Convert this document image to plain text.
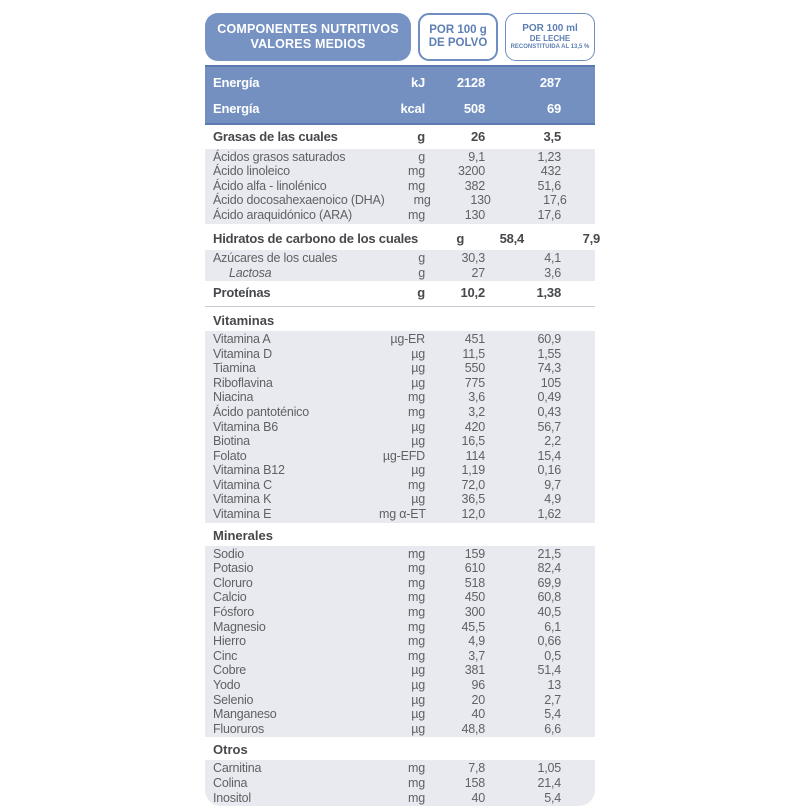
COMPONENTES NUTRITIVOS
VALORES MEDIOS
POR 100 g
DE POLVO
POR 100 ml
DE LECHE
RECONSTITUIDA AL 13,5 %
Energía	kJ	2128	287
Energía	kcal	508	69
Grasas de las cuales	g	26	3,5
Ácidos grasos saturados	g	9,1	1,23
Ácido linoleico	mg	3200	432
Ácido alfa - linolénico	mg	382	51,6
Ácido docosahexaenoico (DHA)	mg	130	17,6
Ácido araquidónico (ARA)	mg	130	17,6
Hidratos de carbono de los cuales	g	58,4	7,9
Azúcares de los cuales	g	30,3	4,1
Lactosa	g	27	3,6
Proteínas	g	10,2	1,38
Vitaminas
Vitamina A	µg-ER	451	60,9
Vitamina D	µg	11,5	1,55
Tiamina	µg	550	74,3
Riboflavina	µg	775	105
Niacina	mg	3,6	0,49
Ácido pantoténico	mg	3,2	0,43
Vitamina B6	µg	420	56,7
Biotina	µg	16,5	2,2
Folato	µg-EFD	114	15,4
Vitamina B12	µg	1,19	0,16
Vitamina C	mg	72,0	9,7
Vitamina K	µg	36,5	4,9
Vitamina E	mg α-ET	12,0	1,62
Minerales
Sodio	mg	159	21,5
Potasio	mg	610	82,4
Cloruro	mg	518	69,9
Calcio	mg	450	60,8
Fósforo	mg	300	40,5
Magnesio	mg	45,5	6,1
Hierro	mg	4,9	0,66
Cinc	mg	3,7	0,5
Cobre	µg	381	51,4
Yodo	µg	96	13
Selenio	µg	20	2,7
Manganeso	µg	40	5,4
Fluoruros	µg	48,8	6,6
Otros
Carnitina	mg	7,8	1,05
Colina	mg	158	21,4
Inositol	mg	40	5,4
